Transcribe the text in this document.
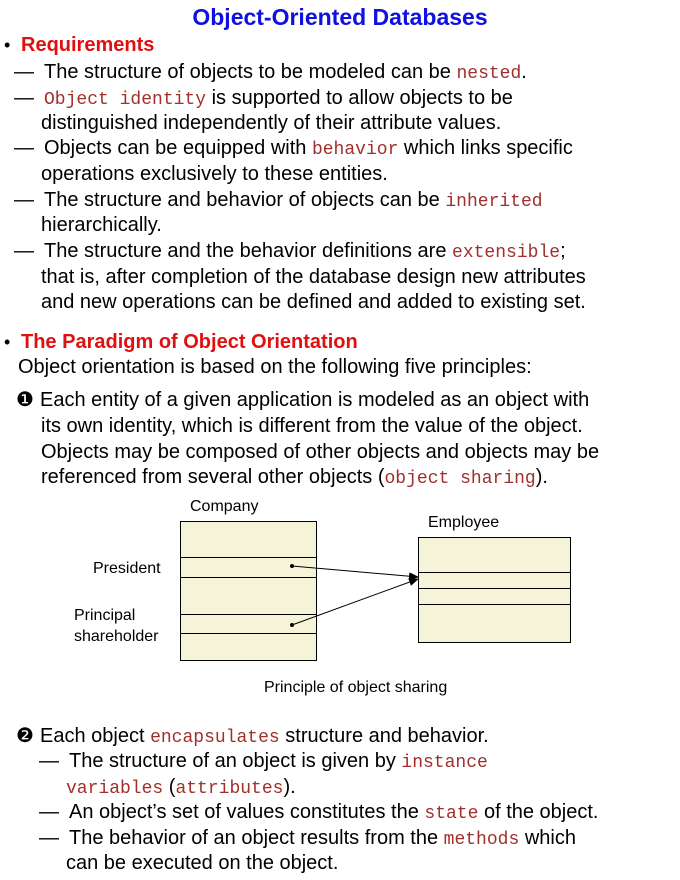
Object-Oriented Databases
• Requirements
— The structure of objects to be modeled can be nested.
— Object identity is supported to allow objects to be
distinguished independently of their attribute values.
— Objects can be equipped with behavior which links specific
operations exclusively to these entities.
— The structure and behavior of objects can be inherited
hierarchically.
— The structure and the behavior definitions are extensible;
that is, after completion of the database design new attributes
and new operations can be defined and added to existing set.
• The Paradigm of Object Orientation
Object orientation is based on the following five principles:
❶ Each entity of a given application is modeled as an object with
its own identity, which is different from the value of the object.
Objects may be composed of other objects and objects may be
referenced from several other objects (object sharing).
Company
Employee
President
Principal
shareholder
Principle of object sharing
❷ Each object encapsulates structure and behavior.
— The structure of an object is given by instance
variables (attributes).
— An object’s set of values constitutes the state of the object.
— The behavior of an object results from the methods which
can be executed on the object.
